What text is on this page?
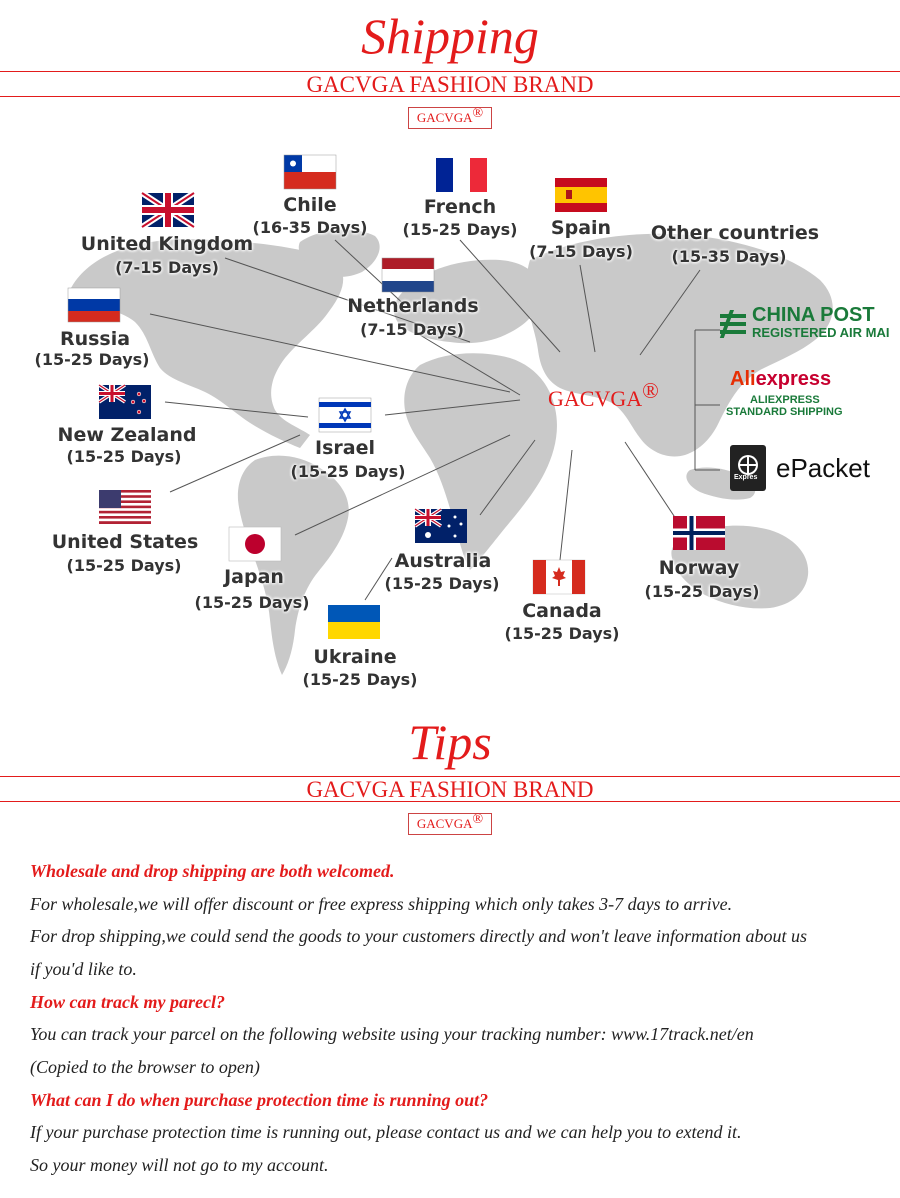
Shipping
GACVGA FASHION BRAND
GACVGA®
Chile
(16-35 Days)
French
(15-25 Days)	Spain
(7-15 Days)
Other countries
(15-35 Days)
United Kingdom
(7-15 Days)
Netherlands
(7-15 Days)
Russia
(15-25 Days)
New Zealand
(15-25 Days)	Israel
(15-25 Days)
United States
(15-25 Days)
Japan
(15-25 Days)
Australia
(15-25 Days)
Canada
(15-25 Days)
Norway
(15-25 Days)
Ukraine
(15-25 Days)
GACVGA®
CHINA POST
REGISTERED AIR MAI
Aliexpress
ALIEXPRESS
STANDARD SHIPPING
Expres ePacket
Tips
GACVGA FASHION BRAND
GACVGA®

Wholesale and drop shipping are both welcomed.

For wholesale,we will offer discount or free express shipping which only takes 3-7 days to arrive.

For drop shipping,we could send the goods to your customers directly and won't leave information about us

if you'd like to.

How can track my parecl?

You can track your parcel on the following website using your tracking number: www.17track.net/en

(Copied to the browser to open)

What can I do when purchase protection time is running out?

If your purchase protection time is running out, please contact us and we can help you to extend it.

So your money will not go to my account.
